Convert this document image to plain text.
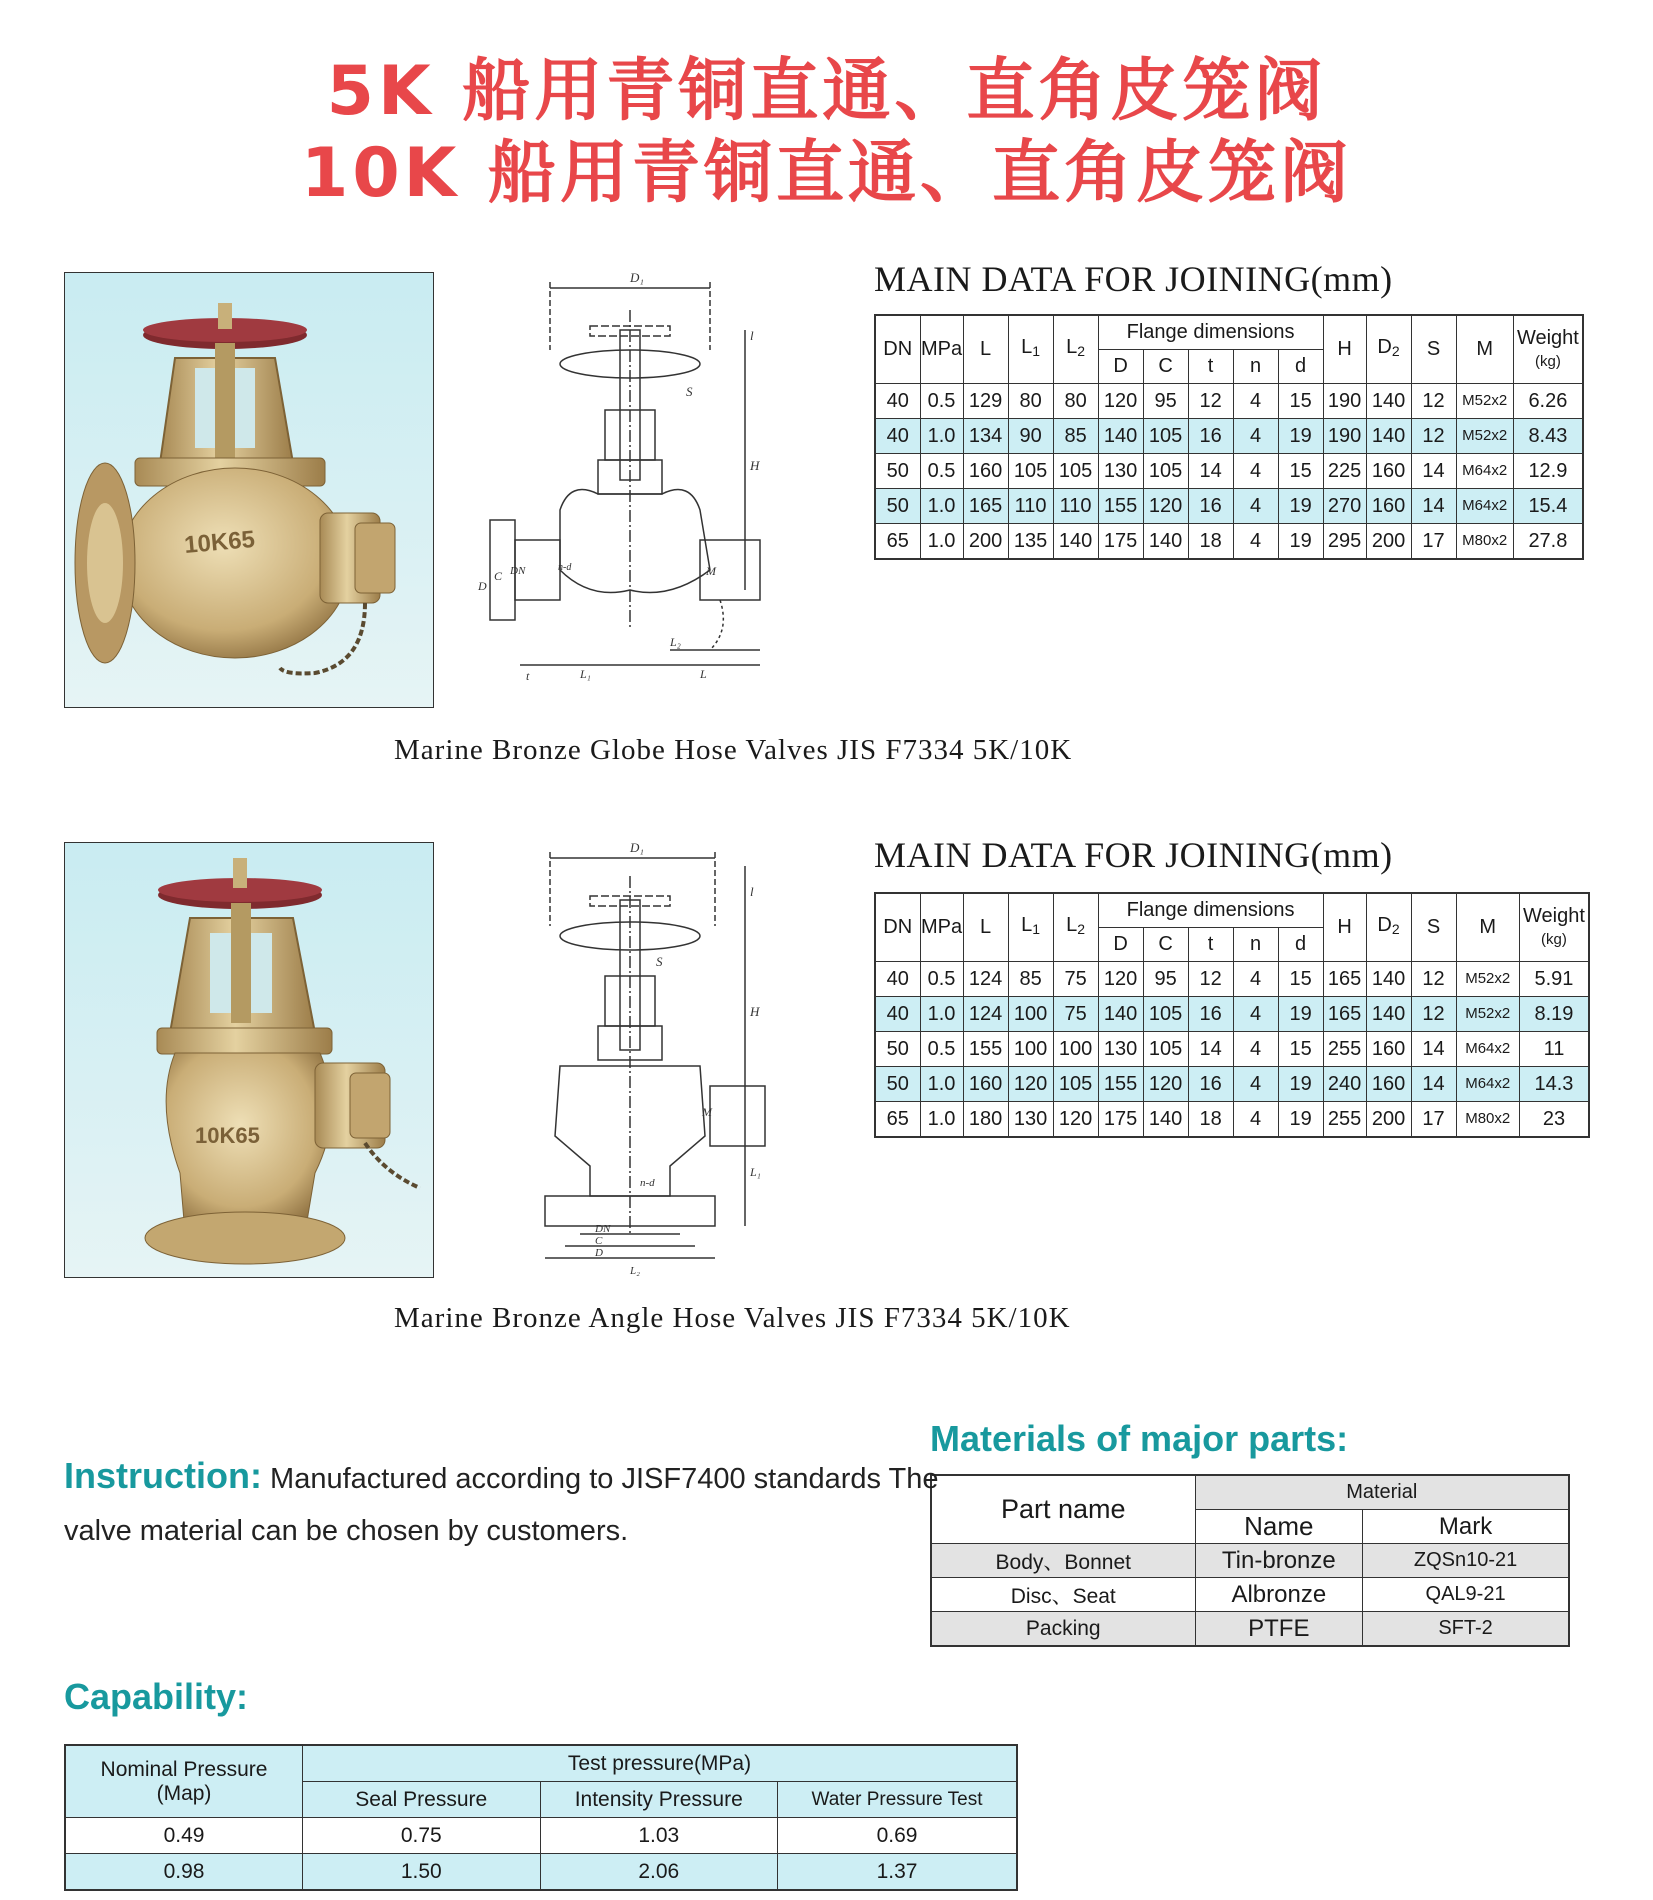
5K 船用青铜直通、直角皮笼阀
10K 船用青铜直通、直角皮笼阀
10K65
D₁
S
H
l
D
C DN	n-d	M
t	L₁
L₂
L
MAIN DATA FOR JOINING(mm)
DN	MPa	L	$L_1$	$L_2$	Flange dimensions					H	$D_2$	S	M	Weight
(kg)
					D	C	t	n	d					
40	0.5	129	80	80	120	95	12	4	15	190	140	12	M52x2	6.26
40	1.0	134	90	85	140	105	16	4	19	190	140	12	M52x2	8.43
50	0.5	160	105	105	130	105	14	4	15	225	160	14	M64x2	12.9
50	1.0	165	110	110	155	120	16	4	19	270	160	14	M64x2	15.4
65	1.0	200	135	140	175	140	18	4	19	295	200	17	M80x2	27.8
Marine Bronze Globe Hose Valves JIS F7334 5K/10K
10K65
D₁
S
H
l
L₁
M
n-d
DN
C
D
L₂
MAIN DATA FOR JOINING(mm)
DN	MPa	L	$L_1$	$L_2$	Flange dimensions					H	$D_2$	S	M	Weight
(kg)
					D	C	t	n	d					
40	0.5	124	85	75	120	95	12	4	15	165	140	12	M52x2	5.91
40	1.0	124	100	75	140	105	16	4	19	165	140	12	M52x2	8.19
50	0.5	155	100	100	130	105	14	4	15	255	160	14	M64x2	11
50	1.0	160	120	105	155	120	16	4	19	240	160	14	M64x2	14.3
65	1.0	180	130	120	175	140	18	4	19	255	200	17	M80x2	23
Marine Bronze Angle Hose Valves JIS F7334 5K/10K
Materials of major parts:
Part name	Material	
	Name	Mark
Body、Bonnet	Tin-bronze	ZQSn10-21
Disc、Seat	Albronze	QAL9-21
Packing	PTFE	SFT-2
Instruction: Manufactured according to JISF7400 standards The valve material can be chosen by customers.
Capability:
Nominal Pressure
(Map)	Test pressure(MPa)		
	Seal Pressure	Intensity Pressure	Water Pressure Test
0.49	0.75	1.03	0.69
0.98	1.50	2.06	1.37
